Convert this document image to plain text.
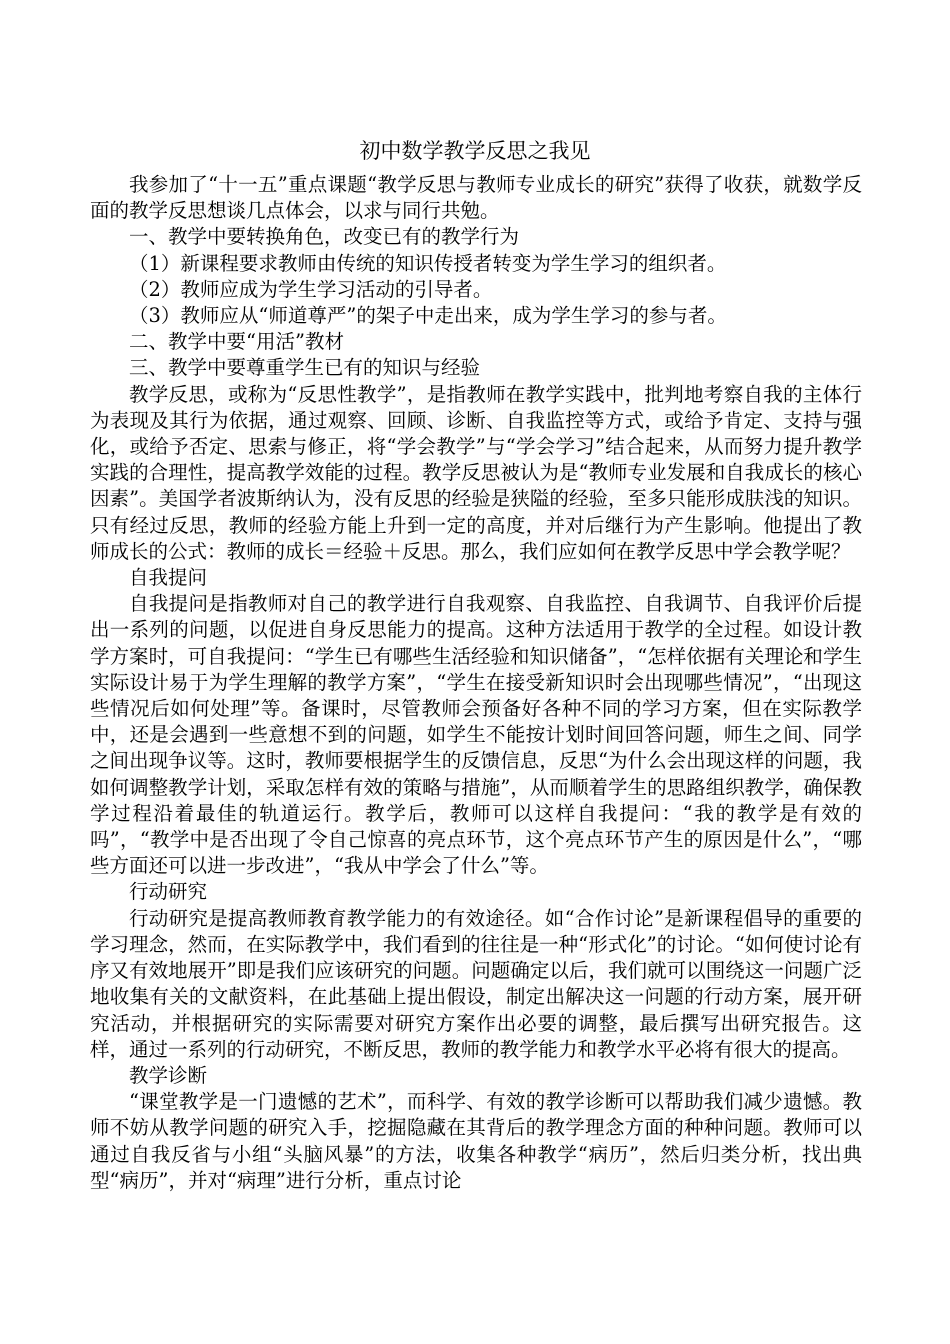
初中数学教学反思之我见

我参加了“十一五”重点课题“教学反思与教师专业成长的研究”获得了收获，就数学反面的教学反思想谈几点体会，以求与同行共勉。

一、教学中要转换角色，改变已有的教学行为

（1）新课程要求教师由传统的知识传授者转变为学生学习的组织者。

（2）教师应成为学生学习活动的引导者。

（3）教师应从“师道尊严”的架子中走出来，成为学生学习的参与者。

二、教学中要“用活”教材

三、教学中要尊重学生已有的知识与经验

教学反思，或称为“反思性教学”，是指教师在教学实践中，批判地考察自我的主体行为表现及其行为依据，通过观察、回顾、诊断、自我监控等方式，或给予肯定、支持与强化，或给予否定、思索与修正，将“学会教学”与“学会学习”结合起来，从而努力提升教学实践的合理性，提高教学效能的过程。教学反思被认为是“教师专业发展和自我成长的核心因素”。美国学者波斯纳认为，没有反思的经验是狭隘的经验，至多只能形成肤浅的知识。只有经过反思，教师的经验方能上升到一定的高度，并对后继行为产生影响。他提出了教师成长的公式：教师的成长＝经验＋反思。那么，我们应如何在教学反思中学会教学呢？

自我提问

自我提问是指教师对自己的教学进行自我观察、自我监控、自我调节、自我评价后提出一系列的问题，以促进自身反思能力的提高。这种方法适用于教学的全过程。如设计教学方案时，可自我提问：“学生已有哪些生活经验和知识储备”，“怎样依据有关理论和学生实际设计易于为学生理解的教学方案”，“学生在接受新知识时会出现哪些情况”，“出现这些情况后如何处理”等。备课时，尽管教师会预备好各种不同的学习方案，但在实际教学中，还是会遇到一些意想不到的问题，如学生不能按计划时间回答问题，师生之间、同学之间出现争议等。这时，教师要根据学生的反馈信息，反思“为什么会出现这样的问题，我如何调整教学计划，采取怎样有效的策略与措施”，从而顺着学生的思路组织教学，确保教学过程沿着最佳的轨道运行。教学后，教师可以这样自我提问：“我的教学是有效的吗”，“教学中是否出现了令自己惊喜的亮点环节，这个亮点环节产生的原因是什么”，“哪些方面还可以进一步改进”，“我从中学会了什么”等。

行动研究

行动研究是提高教师教育教学能力的有效途径。如“合作讨论”是新课程倡导的重要的学习理念，然而，在实际教学中，我们看到的往往是一种“形式化”的讨论。“如何使讨论有序又有效地展开”即是我们应该研究的问题。问题确定以后，我们就可以围绕这一问题广泛地收集有关的文献资料，在此基础上提出假设，制定出解决这一问题的行动方案，展开研究活动，并根据研究的实际需要对研究方案作出必要的调整，最后撰写出研究报告。这样，通过一系列的行动研究，不断反思，教师的教学能力和教学水平必将有很大的提高。

教学诊断

“课堂教学是一门遗憾的艺术”，而科学、有效的教学诊断可以帮助我们减少遗憾。教师不妨从教学问题的研究入手，挖掘隐藏在其背后的教学理念方面的种种问题。教师可以通过自我反省与小组“头脑风暴”的方法，收集各种教学“病历”，然后归类分析，找出典型“病历”，并对“病理”进行分析，重点讨论
